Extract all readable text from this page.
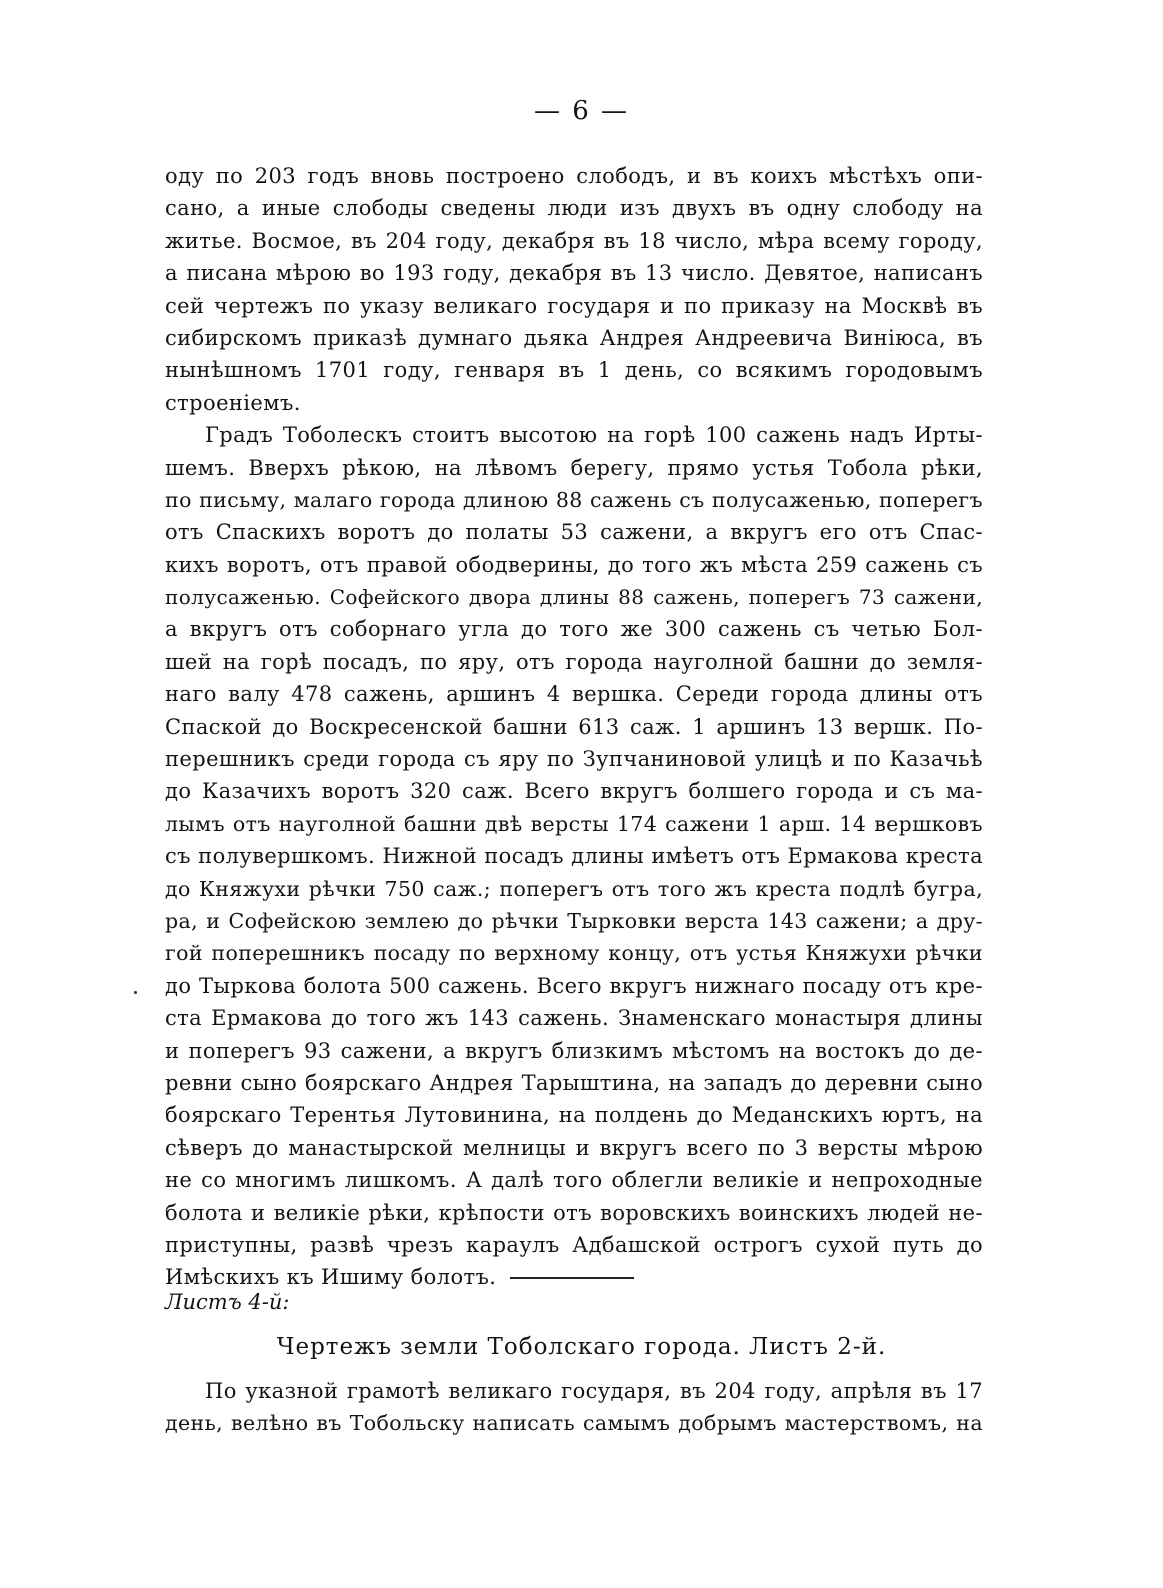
— 6 —
оду по 203 годъ вновь построено слободъ, и въ коихъ мѣстѣхъ опи-
сано, а иные слободы сведены люди изъ двухъ въ одну слободу на
житье. Восмое, въ 204 году, декабря въ 18 число, мѣра всему городу,
а писана мѣрою во 193 году, декабря въ 13 число. Девятое, написанъ
сей чертежъ по указу великаго государя и по приказу на Москвѣ въ
сибирскомъ приказѣ думнаго дьяка Андрея Андреевича Виніюса, въ
нынѣшномъ 1701 году, генваря въ 1 день, со всякимъ городовымъ
строеніемъ.
Градъ Тоболескъ стоитъ высотою на горѣ 100 сажень надъ Ирты-
шемъ. Вверхъ рѣкою, на лѣвомъ берегу, прямо устья Тобола рѣки,
по письму, малаго города длиною 88 сажень съ полусаженью, поперегъ
отъ Спаскихъ воротъ до полаты 53 сажени, а вкругъ его отъ Спас-
кихъ воротъ, отъ правой ободверины, до того жъ мѣста 259 сажень съ
полусаженью. Софейского двора длины 88 сажень, поперегъ 73 сажени,
а вкругъ отъ соборнаго угла до того же 300 сажень съ четью Бол-
шей на горѣ посадъ, по яру, отъ города науголной башни до земля-
наго валу 478 сажень, аршинъ 4 вершка. Середи города длины отъ
Спаской до Воскресенской башни 613 саж. 1 аршинъ 13 вершк. По-
перешникъ среди города съ яру по Зупчаниновой улицѣ и по Казачьѣ
до Казачихъ воротъ 320 саж. Всего вкругъ болшего города и съ ма-
лымъ отъ науголной башни двѣ версты 174 сажени 1 арш. 14 вершковъ
съ полувершкомъ. Нижной посадъ длины имѣетъ отъ Ермакова креста
до Княжухи рѣчки 750 саж.; поперегъ отъ того жъ креста подлѣ бугра,
ра, и Софейскою землею до рѣчки Тырковки верста 143 сажени; а дру-
гой поперешникъ посаду по верхному концу, отъ устья Княжухи рѣчки
до Тыркова болота 500 сажень. Всего вкругъ нижнаго посаду отъ кре-
ста Ермакова до того жъ 143 сажень. Знаменскаго монастыря длины
и поперегъ 93 сажени, а вкругъ близкимъ мѣстомъ на востокъ до де-
ревни сыно боярскаго Андрея Тарыштина, на западъ до деревни сыно
боярскаго Терентья Лутовинина, на полдень до Меданскихъ юртъ, на
сѣверъ до манастырской мелницы и вкругъ всего по 3 версты мѣрою
не со многимъ лишкомъ. А далѣ того облегли великіе и непроходные
болота и великіе рѣки, крѣпости отъ воровскихъ воинскихъ людей не-
приступны, развѣ чрезъ караулъ Адбашской острогъ сухой путь до
Имѣскихъ къ Ишиму болотъ.
Листъ 4-й:
Чертежъ земли Тоболскаго города. Листъ 2-й.
По указной грамотѣ великаго государя, въ 204 году, апрѣля въ 17
день, велѣно въ Тобольску написать самымъ добрымъ мастерствомъ, на
